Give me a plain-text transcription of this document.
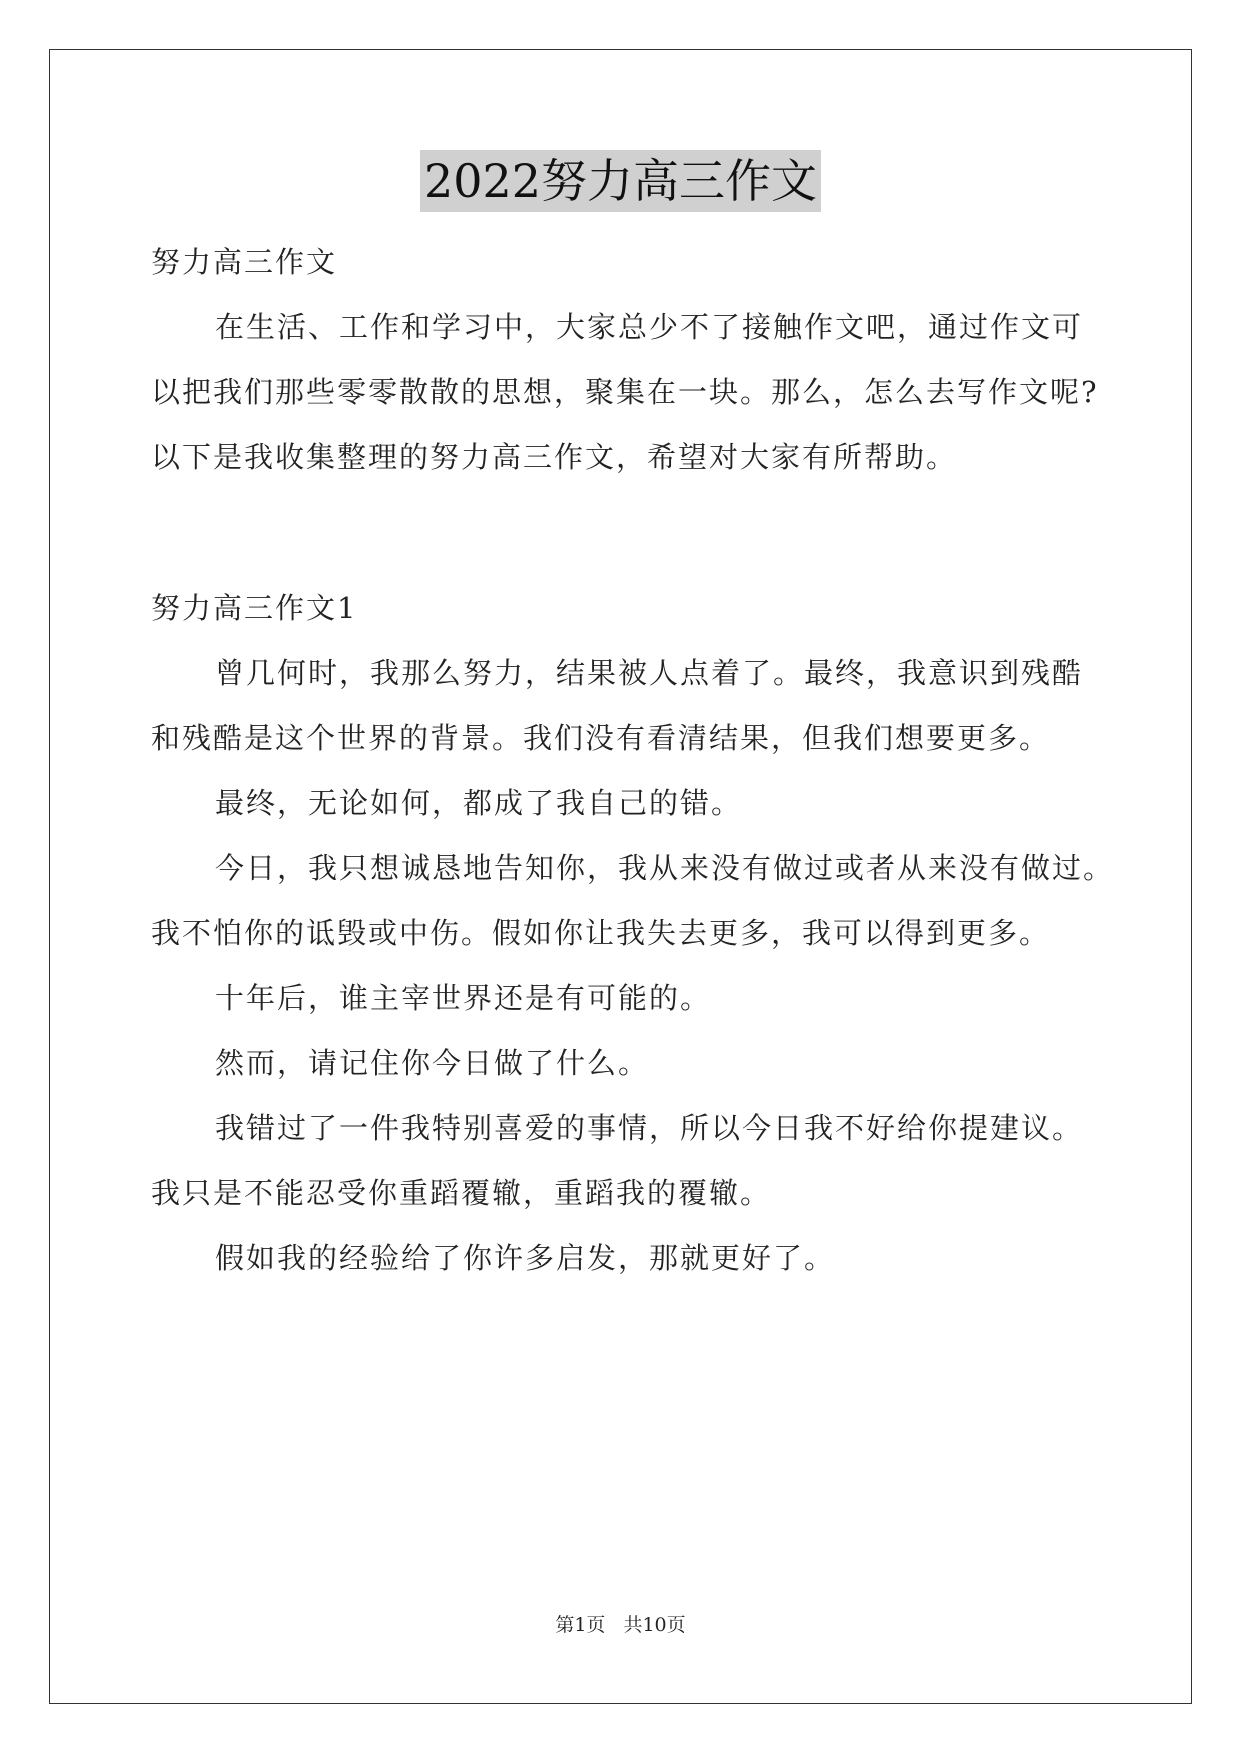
2022努力高三作文
努力高三作文
在生活、工作和学习中，大家总少不了接触作文吧，通过作文可
以把我们那些零零散散的思想，聚集在一块。那么，怎么去写作文呢?
以下是我收集整理的努力高三作文，希望对大家有所帮助。
努力高三作文1
曾几何时，我那么努力，结果被人点着了。最终，我意识到残酷
和残酷是这个世界的背景。我们没有看清结果，但我们想要更多。
最终，无论如何，都成了我自己的错。
今日，我只想诚恳地告知你，我从来没有做过或者从来没有做过。
我不怕你的诋毁或中伤。假如你让我失去更多，我可以得到更多。
十年后，谁主宰世界还是有可能的。
然而，请记住你今日做了什么。
我错过了一件我特别喜爱的事情，所以今日我不好给你提建议。
我只是不能忍受你重蹈覆辙，重蹈我的覆辙。
假如我的经验给了你许多启发，那就更好了。
第1页 共10页
